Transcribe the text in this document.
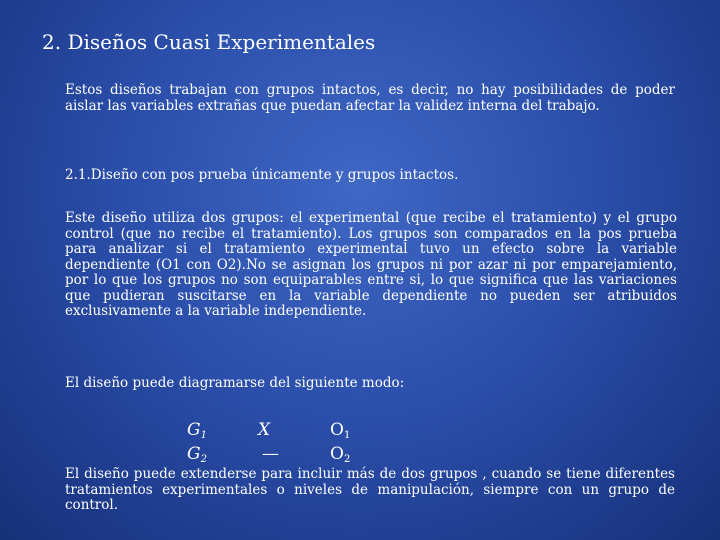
2. Diseños Cuasi Experimentales

Estos diseños trabajan con grupos intactos, es decir, no hay posibilidades de poder aislar las variables extrañas que puedan afectar la validez interna del trabajo.

2.1.Diseño con pos prueba únicamente y grupos intactos.

Este diseño utiliza dos grupos: el experimental (que recibe el tratamiento) y el grupo control (que no recibe el tratamiento). Los grupos son comparados en la pos prueba para analizar si el tratamiento experimental tuvo un efecto sobre la variable dependiente (O1 con O2).No se asignan los grupos ni por azar ni por emparejamiento, por lo que los grupos no son equiparables entre si, lo que significa que las variaciones que pudieran suscitarse en la variable dependiente no pueden ser atribuidos exclusivamente a la variable independiente.

El diseño puede diagramarse del siguiente modo:

$G_1$	X	$O_1$
$G_2$	—	$O_2$

El diseño puede extenderse para incluir más de dos grupos , cuando se tiene diferentes tratamientos experimentales o niveles de manipulación, siempre con un grupo de control.
